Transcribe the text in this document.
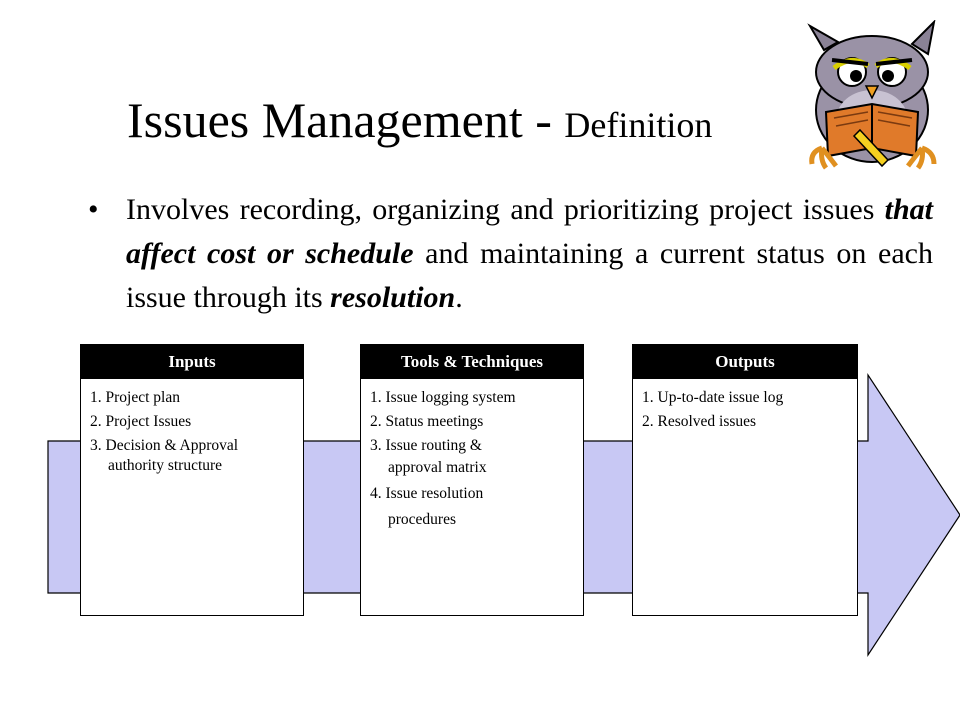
Issues Management - Definition

• Involves recording, organizing and prioritizing project issues that affect cost or schedule and maintaining a current status on each issue through its resolution.

Inputs
1. Project plan
2. Project Issues
3. Decision & Approval
authority structure
Tools & Techniques
1. Issue logging system
2. Status meetings
3. Issue routing &
approval matrix
4. Issue resolution
procedures
Outputs
1. Up-to-date issue log
2. Resolved issues
